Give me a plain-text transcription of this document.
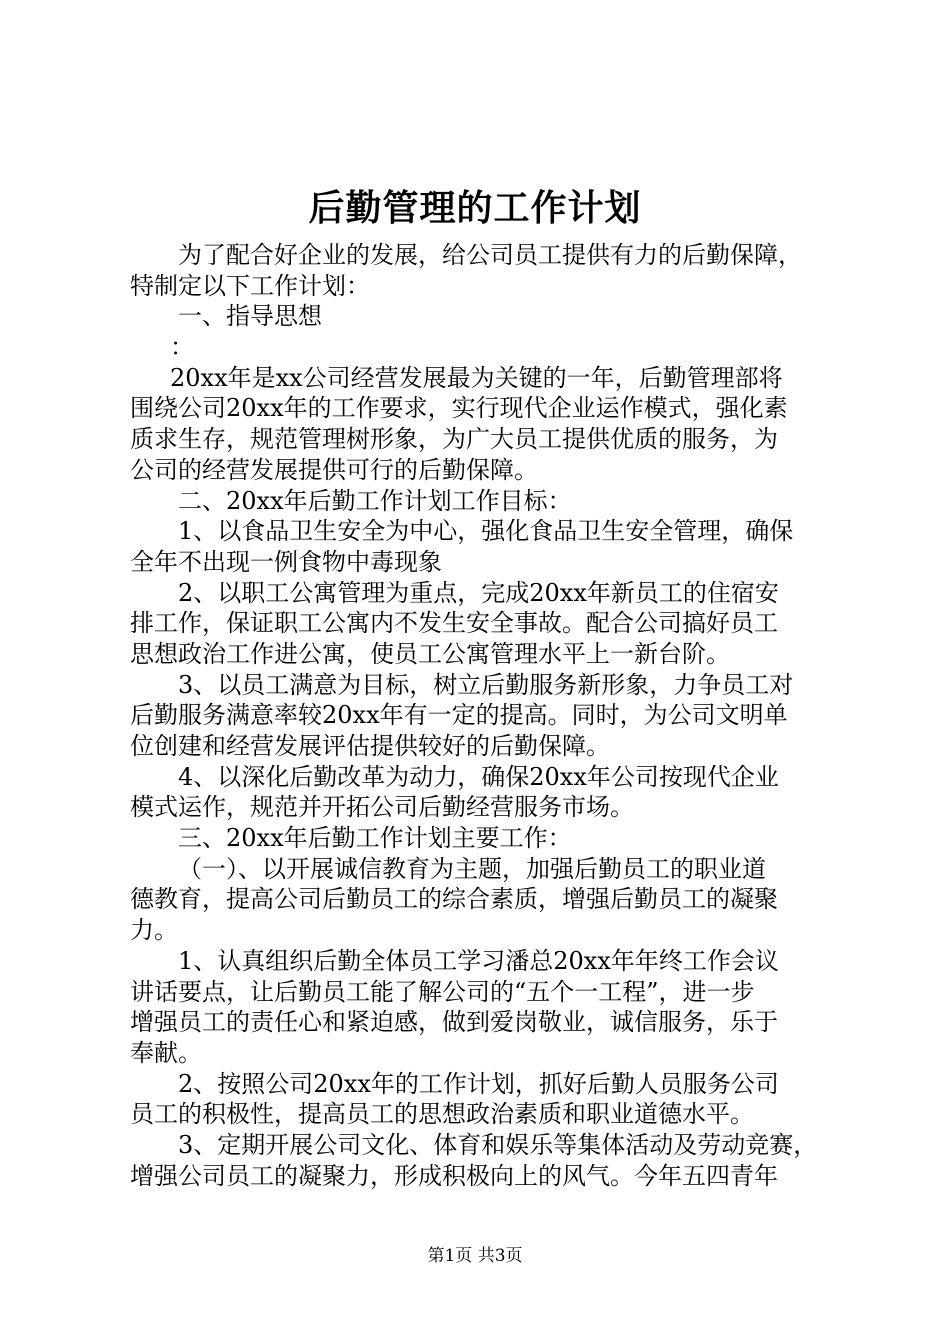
后勤管理的工作计划
为了配合好企业的发展，给公司员工提供有力的后勤保障，
特制定以下工作计划：
一、指导思想
：
20xx年是xx公司经营发展最为关键的一年，后勤管理部将
围绕公司20xx年的工作要求，实行现代企业运作模式，强化素
质求生存，规范管理树形象，为广大员工提供优质的服务，为
公司的经营发展提供可行的后勤保障。
二、20xx年后勤工作计划工作目标：
1、以食品卫生安全为中心，强化食品卫生安全管理，确保
全年不出现一例食物中毒现象
2、以职工公寓管理为重点，完成20xx年新员工的住宿安
排工作，保证职工公寓内不发生安全事故。配合公司搞好员工
思想政治工作进公寓，使员工公寓管理水平上一新台阶。
3、以员工满意为目标，树立后勤服务新形象，力争员工对
后勤服务满意率较20xx年有一定的提高。同时，为公司文明单
位创建和经营发展评估提供较好的后勤保障。
4、以深化后勤改革为动力，确保20xx年公司按现代企业
模式运作，规范并开拓公司后勤经营服务市场。
三、20xx年后勤工作计划主要工作：
（一）、以开展诚信教育为主题，加强后勤员工的职业道
德教育，提高公司后勤员工的综合素质，增强后勤员工的凝聚
力。
1、认真组织后勤全体员工学习潘总20xx年年终工作会议
讲话要点，让后勤员工能了解公司的“五个一工程”，进一步
增强员工的责任心和紧迫感，做到爱岗敬业，诚信服务，乐于
奉献。
2、按照公司20xx年的工作计划，抓好后勤人员服务公司
员工的积极性，提高员工的思想政治素质和职业道德水平。
3、定期开展公司文化、体育和娱乐等集体活动及劳动竞赛，
增强公司员工的凝聚力，形成积极向上的风气。今年五四青年
第1页 共3页
